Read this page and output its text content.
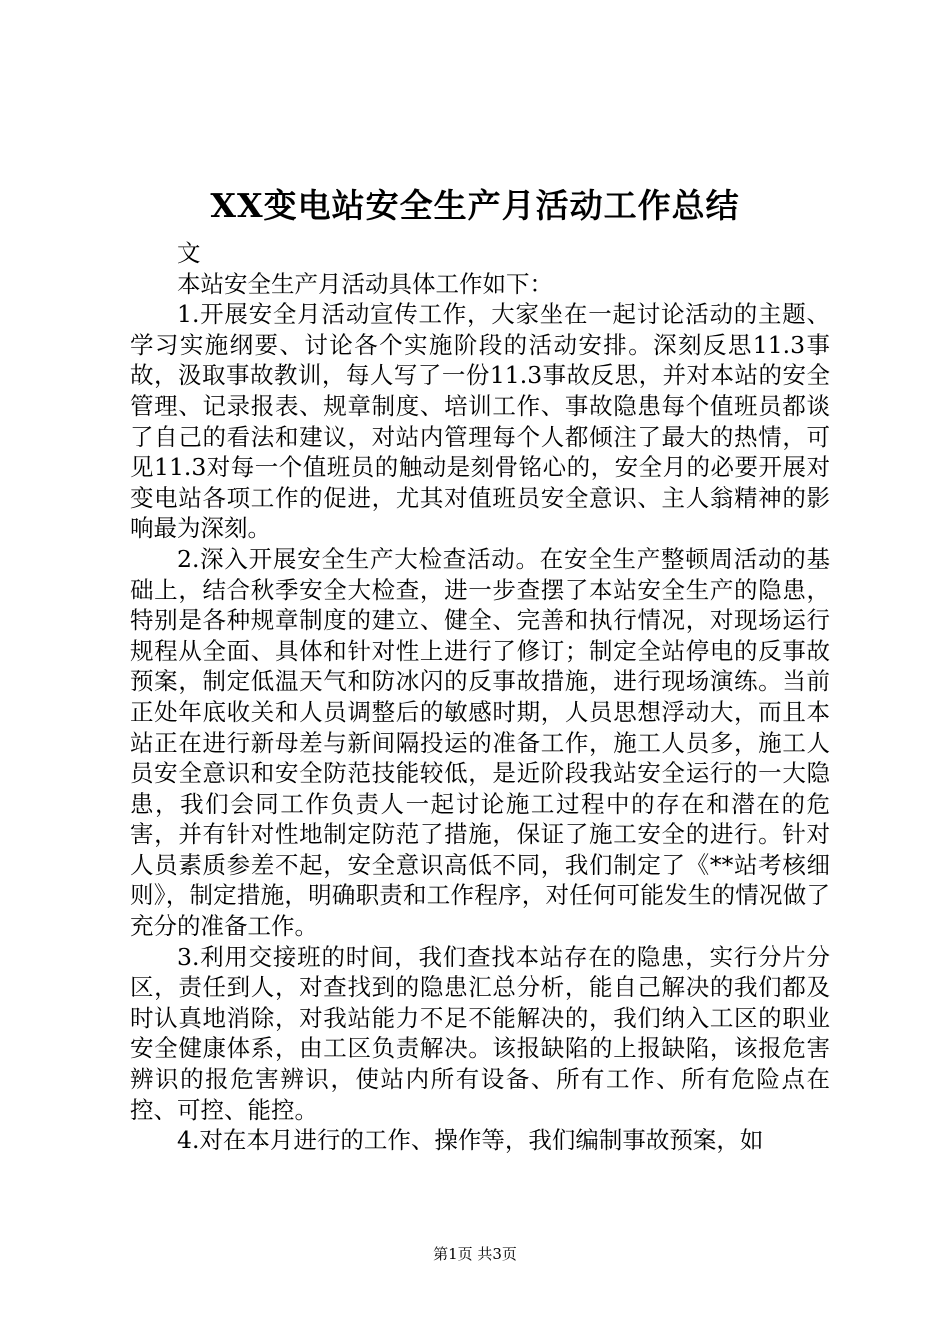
XX变电站安全生产月活动工作总结

文

本站安全生产月活动具体工作如下：

1.开展安全月活动宣传工作，大家坐在一起讨论活动的主题、学习实施纲要、讨论各个实施阶段的活动安排。深刻反思11.3事故，汲取事故教训，每人写了一份11.3事故反思，并对本站的安全管理、记录报表、规章制度、培训工作、事故隐患每个值班员都谈了自己的看法和建议，对站内管理每个人都倾注了最大的热情，可见11.3对每一个值班员的触动是刻骨铭心的，安全月的必要开展对变电站各项工作的促进，尤其对值班员安全意识、主人翁精神的影响最为深刻。

2.深入开展安全生产大检查活动。在安全生产整顿周活动的基础上，结合秋季安全大检查，进一步查摆了本站安全生产的隐患，特别是各种规章制度的建立、健全、完善和执行情况，对现场运行规程从全面、具体和针对性上进行了修订；制定全站停电的反事故预案，制定低温天气和防冰闪的反事故措施，进行现场演练。当前正处年底收关和人员调整后的敏感时期，人员思想浮动大，而且本站正在进行新母差与新间隔投运的准备工作，施工人员多，施工人员安全意识和安全防范技能较低，是近阶段我站安全运行的一大隐患，我们会同工作负责人一起讨论施工过程中的存在和潜在的危害，并有针对性地制定防范了措施，保证了施工安全的进行。针对人员素质参差不起，安全意识高低不同，我们制定了《**站考核细则》，制定措施，明确职责和工作程序，对任何可能发生的情况做了充分的准备工作。

3.利用交接班的时间，我们查找本站存在的隐患，实行分片分区，责任到人，对查找到的隐患汇总分析，能自己解决的我们都及时认真地消除，对我站能力不足不能解决的，我们纳入工区的职业安全健康体系，由工区负责解决。该报缺陷的上报缺陷，该报危害辨识的报危害辨识，使站内所有设备、所有工作、所有危险点在控、可控、能控。

4.对在本月进行的工作、操作等，我们编制事故预案，如

第1页 共3页
